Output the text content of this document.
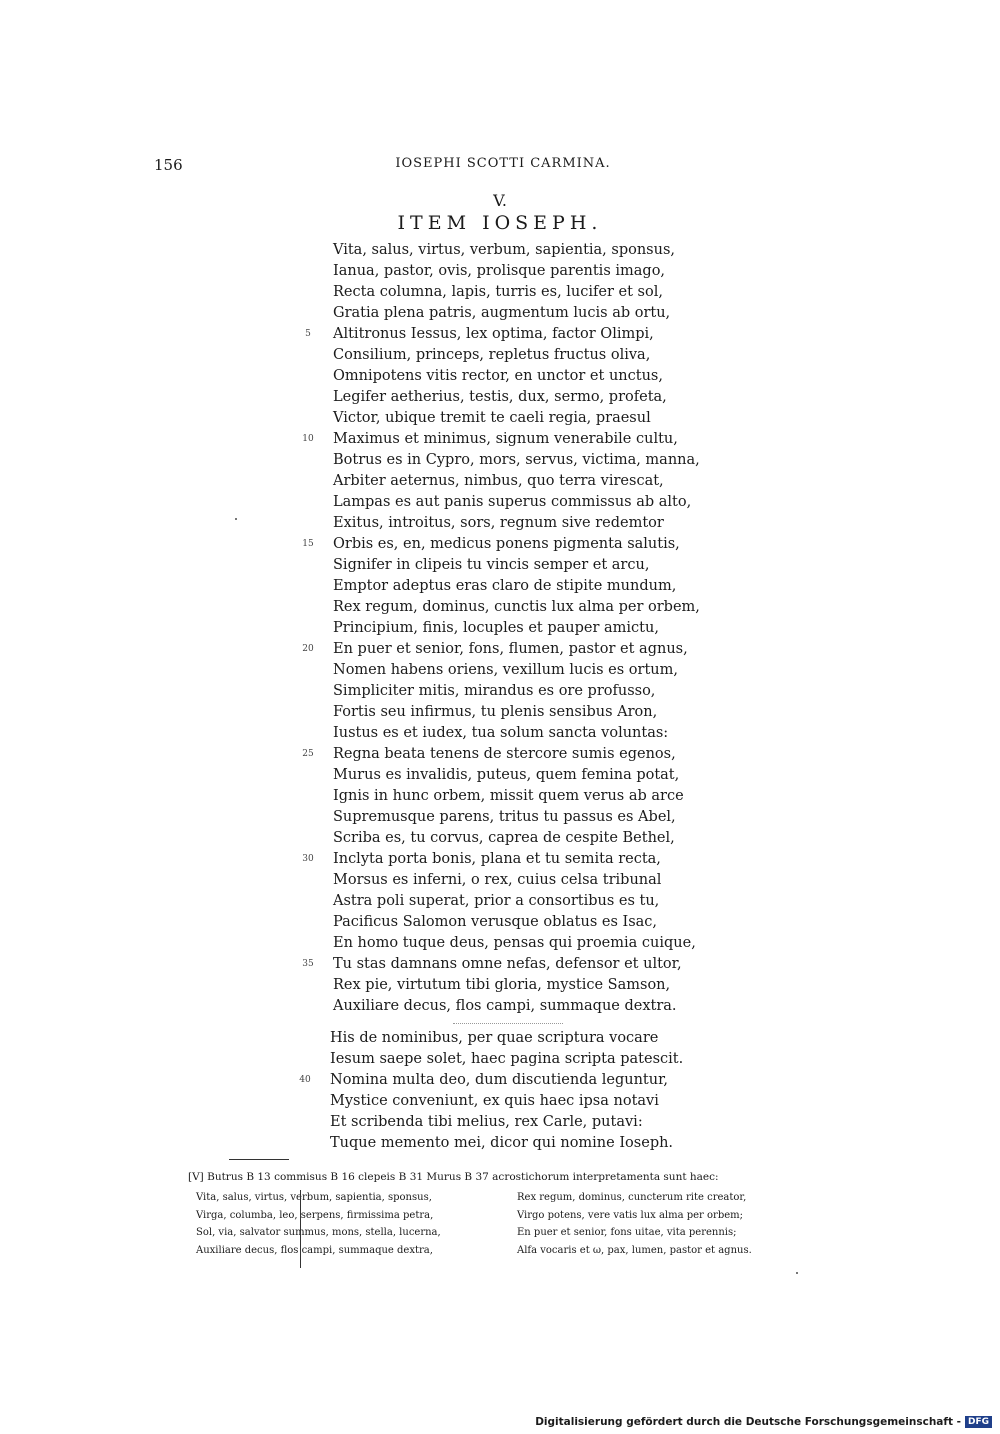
156	IOSEPHI SCOTTI CARMINA.
V.
ITEM IOSEPH.
Vita, salus, virtus, verbum, sapientia, sponsus,
Ianua, pastor, ovis, prolisque parentis imago,
Recta columna, lapis, turris es, lucifer et sol,
Gratia plena patris, augmentum lucis ab ortu,
Altitronus Iessus, lex optima, factor Olimpi,
5
Consilium, princeps, repletus fructus oliva,
Omnipotens vitis rector, en unctor et unctus,
Legifer aetherius, testis, dux, sermo, profeta,
Victor, ubique tremit te caeli regia, praesul
Maximus et minimus, signum venerabile cultu,
10
Botrus es in Cypro, mors, servus, victima, manna,
Arbiter aeternus, nimbus, quo terra virescat,
Lampas es aut panis superus commissus ab alto,
Exitus, introitus, sors, regnum sive redemtor
Orbis es, en, medicus ponens pigmenta salutis,
15
Signifer in clipeis tu vincis semper et arcu,
Emptor adeptus eras claro de stipite mundum,
Rex regum, dominus, cunctis lux alma per orbem,
Principium, finis, locuples et pauper amictu,
En puer et senior, fons, flumen, pastor et agnus,
20
Nomen habens oriens, vexillum lucis es ortum,
Simpliciter mitis, mirandus es ore profusso,
Fortis seu infirmus, tu plenis sensibus Aron,
Iustus es et iudex, tua solum sancta voluntas:
Regna beata tenens de stercore sumis egenos,
25
Murus es invalidis, puteus, quem femina potat,
Ignis in hunc orbem, missit quem verus ab arce
Supremusque parens, tritus tu passus es Abel,
Scriba es, tu corvus, caprea de cespite Bethel,
Inclyta porta bonis, plana et tu semita recta,
30
Morsus es inferni, o rex, cuius celsa tribunal
Astra poli superat, prior a consortibus es tu,
Pacificus Salomon verusque oblatus es Isac,
En homo tuque deus, pensas qui proemia cuique,
Tu stas damnans omne nefas, defensor et ultor,
35
Rex pie, virtutum tibi gloria, mystice Samson,
Auxiliare decus, flos campi, summaque dextra.
His de nominibus, per quae scriptura vocare
Iesum saepe solet, haec pagina scripta patescit.
Nomina multa deo, dum discutienda leguntur,
40
Mystice conveniunt, ex quis haec ipsa notavi
Et scribenda tibi melius, rex Carle, putavi:
Tuque memento mei, dicor qui nomine Ioseph.
[V] Butrus B 13 commisus B 16 clepeis B 31 Murus B 37 acrostichorum interpretamenta sunt haec:
Vita, salus, virtus, verbum, sapientia, sponsus,
Virga, columba, leo, serpens, firmissima petra,
Sol, via, salvator summus, mons, stella, lucerna,
Auxiliare decus, flos campi, summaque dextra,
Rex regum, dominus, cuncterum rite creator,
Virgo potens, vere vatis lux alma per orbem;
En puer et senior, fons uitae, vita perennis;
Alfa vocaris et ω, pax, lumen, pastor et agnus.
Digitalisierung gefördert durch die Deutsche Forschungsgemeinschaft - DFG
